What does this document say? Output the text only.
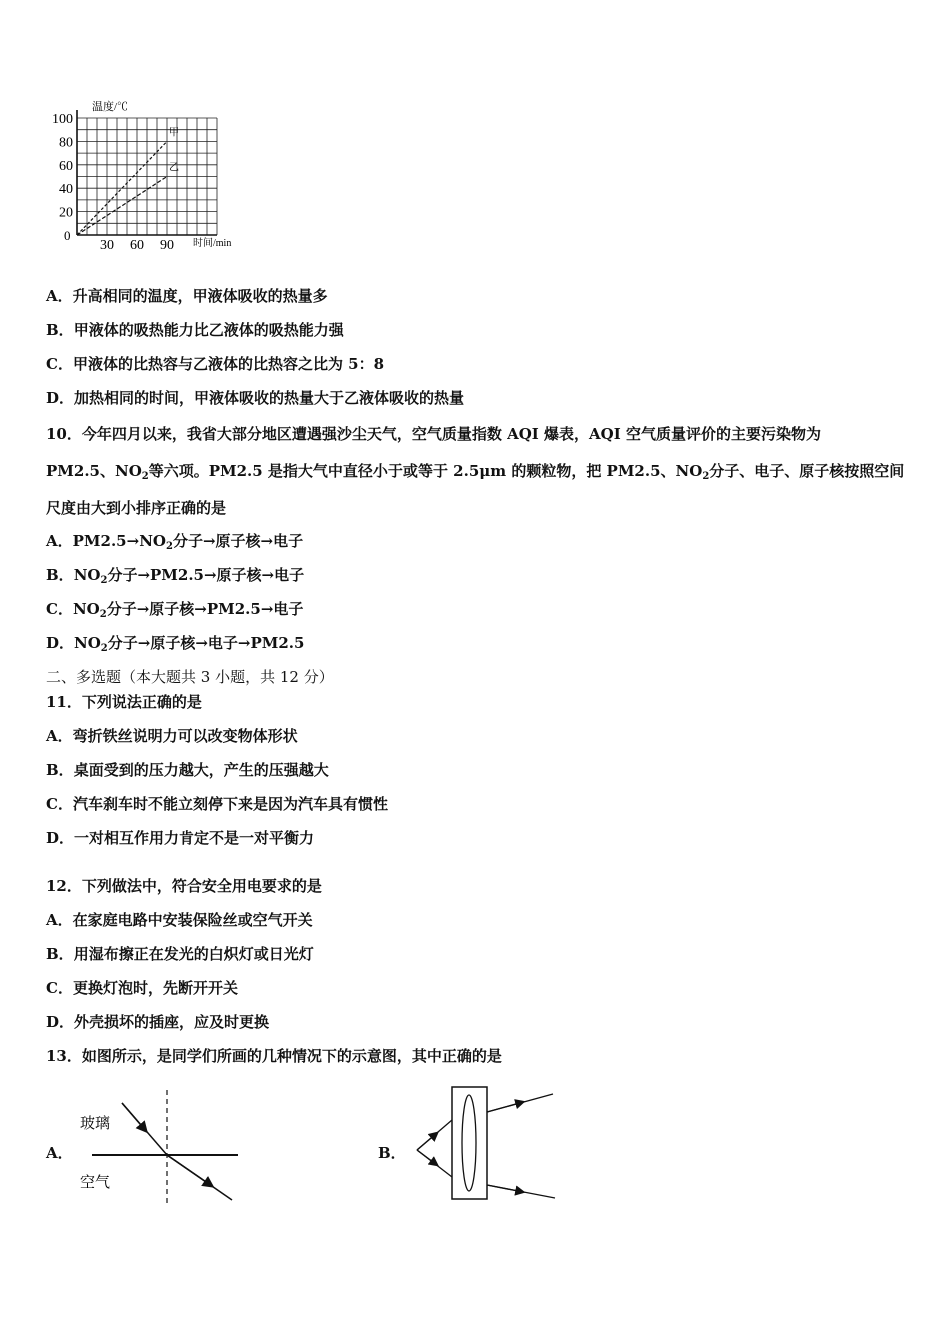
温度/℃
时间/min
0
100
80
60
40
20
30 60 90
甲
乙
A．升高相同的温度，甲液体吸收的热量多
B．甲液体的吸热能力比乙液体的吸热能力强
C．甲液体的比热容与乙液体的比热容之比为 5：8
D．加热相同的时间，甲液体吸收的热量大于乙液体吸收的热量
10．今年四月以来，我省大部分地区遭遇强沙尘天气，空气质量指数 AQI 爆表，AQI 空气质量评价的主要污染物为
PM2.5、$NO_2$等六项。PM2.5 是指大气中直径小于或等于 2.5μm 的颗粒物，把 PM2.5、$NO_2$分子、电子、原子核按照空间
尺度由大到小排序正确的是
A．$PM2.5\to NO_2$分子→原子核→电子
B．$NO_2$分子→PM2.5→原子核→电子
C．$NO_2$分子→原子核→PM2.5→电子
D．$NO_2$分子→原子核→电子→PM2.5
二、多选题（本大题共 3 小题，共 12 分）
11．下列说法正确的是
A．弯折铁丝说明力可以改变物体形状
B．桌面受到的压力越大，产生的压强越大
C．汽车刹车时不能立刻停下来是因为汽车具有惯性
D．一对相互作用力肯定不是一对平衡力
12．下列做法中，符合安全用电要求的是
A．在家庭电路中安装保险丝或空气开关
B．用湿布擦正在发光的白炽灯或日光灯
C．更换灯泡时，先断开开关
D．外壳损坏的插座，应及时更换
13．如图所示，是同学们所画的几种情况下的示意图，其中正确的是
A．
玻璃
空气
B．
